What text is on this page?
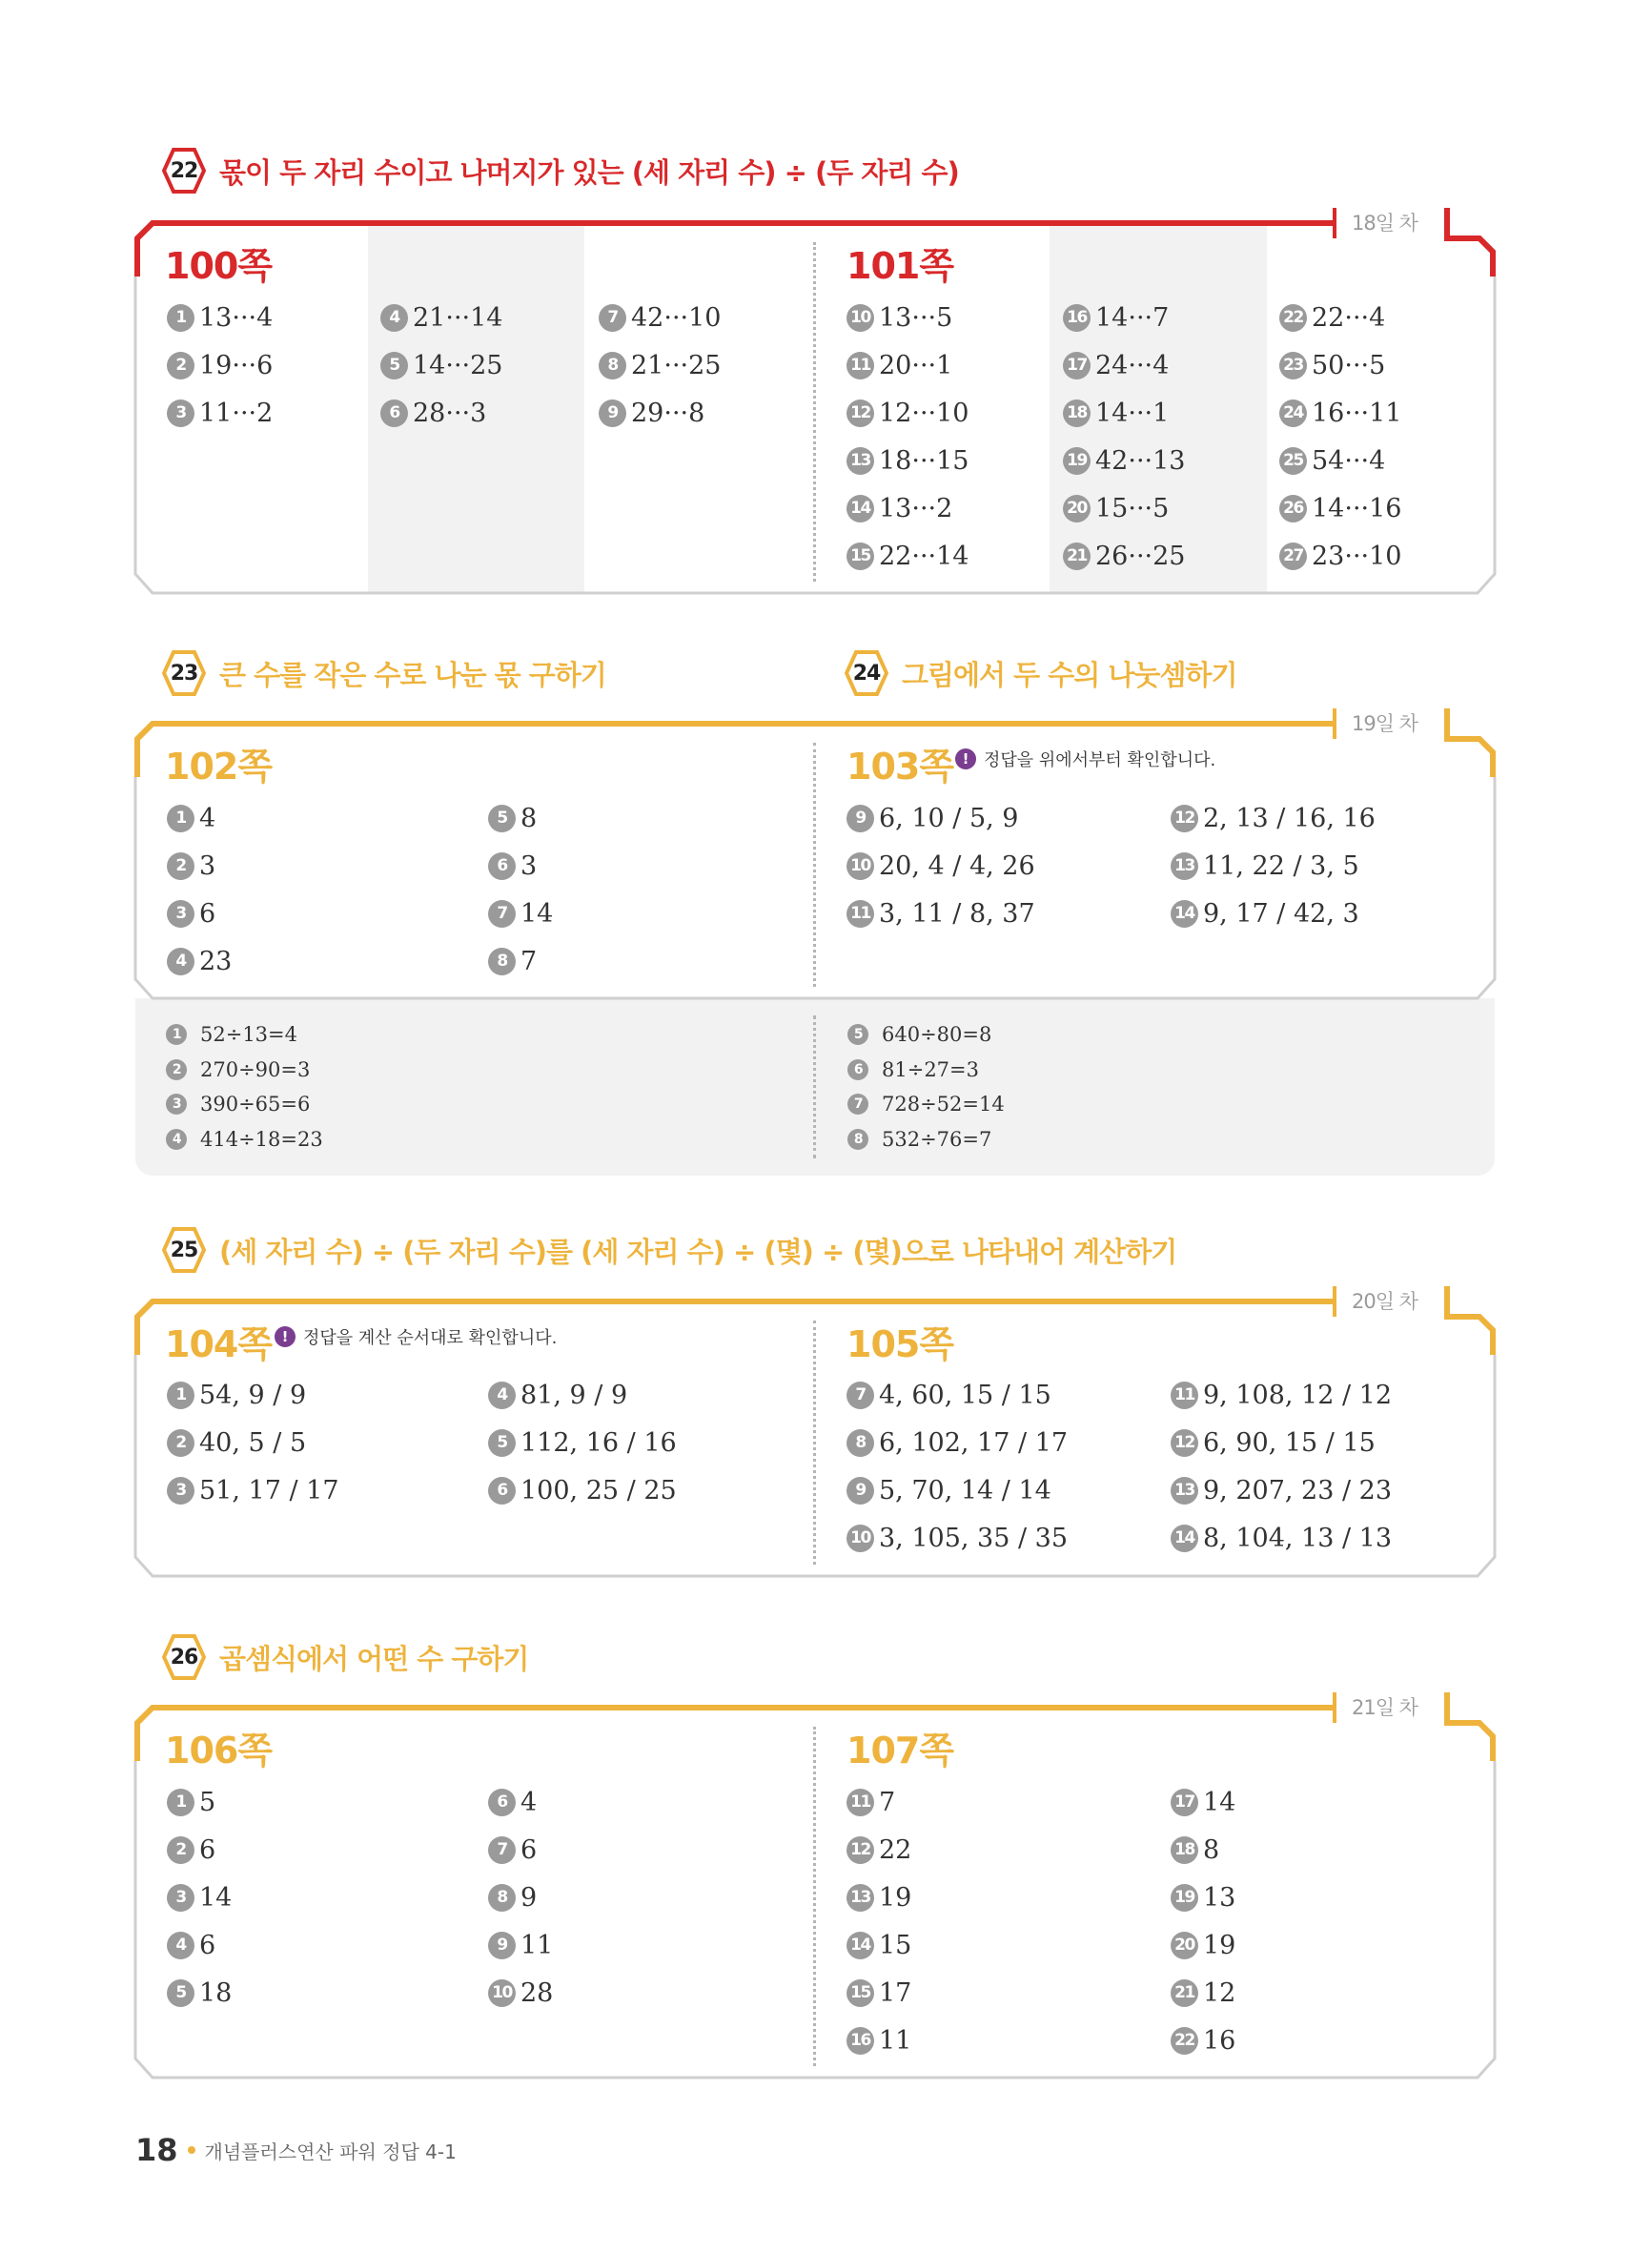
22 몫이 두 자리 수이고 나머지가 있는 (세 자리 수) ÷ (두 자리 수)
18일 차
100쪽	101쪽
1 13···4
2 19···6
3 11···2
4 21···14
5 14···25
6 28···3
7 42···10
8 21···25
9 29···8
10 13···5
11 20···1
12 12···10
13 18···15
14 13···2
15 22···14
16 14···7
17 24···4
18 14···1
19 42···13
20 15···5
21 26···25
22 22···4
23 50···5
24 16···11
25 54···4
26 14···16
27 23···10
23 큰 수를 작은 수로 나눈 몫 구하기	24 그림에서 두 수의 나눗셈하기
19일 차
102쪽	103쪽 ! 정답을 위에서부터 확인합니다.
1 4
2 3
3 6
4 23
5 8
6 3
7 14
8 7
9 6, 10 / 5, 9
10 20, 4 / 4, 26
11 3, 11 / 8, 37
12 2, 13 / 16, 16
13 11, 22 / 3, 5
14 9, 17 / 42, 3
1 52÷13=4
2 270÷90=3
3 390÷65=6
4 414÷18=23
5 640÷80=8
6 81÷27=3
7 728÷52=14
8 532÷76=7
25 (세 자리 수) ÷ (두 자리 수)를 (세 자리 수) ÷ (몇) ÷ (몇)으로 나타내어 계산하기
20일 차
104쪽	105쪽
! 정답을 계산 순서대로 확인합니다.
1 54, 9 / 9
2 40, 5 / 5
3 51, 17 / 17
4 81, 9 / 9
5 112, 16 / 16
6 100, 25 / 25
7 4, 60, 15 / 15
8 6, 102, 17 / 17
9 5, 70, 14 / 14
10 3, 105, 35 / 35
11 9, 108, 12 / 12
12 6, 90, 15 / 15
13 9, 207, 23 / 23
14 8, 104, 13 / 13
26 곱셈식에서 어떤 수 구하기
21일 차
106쪽	107쪽
1 5
2 6
3 14
4 6
5 18
6 4
7 6
8 9
9 11
10 28
11 7
12 22
13 19
14 15
15 17
16 11
17 14
18 8
19 13
20 19
21 12
22 16
18 개념플러스연산 파워 정답 4-1
